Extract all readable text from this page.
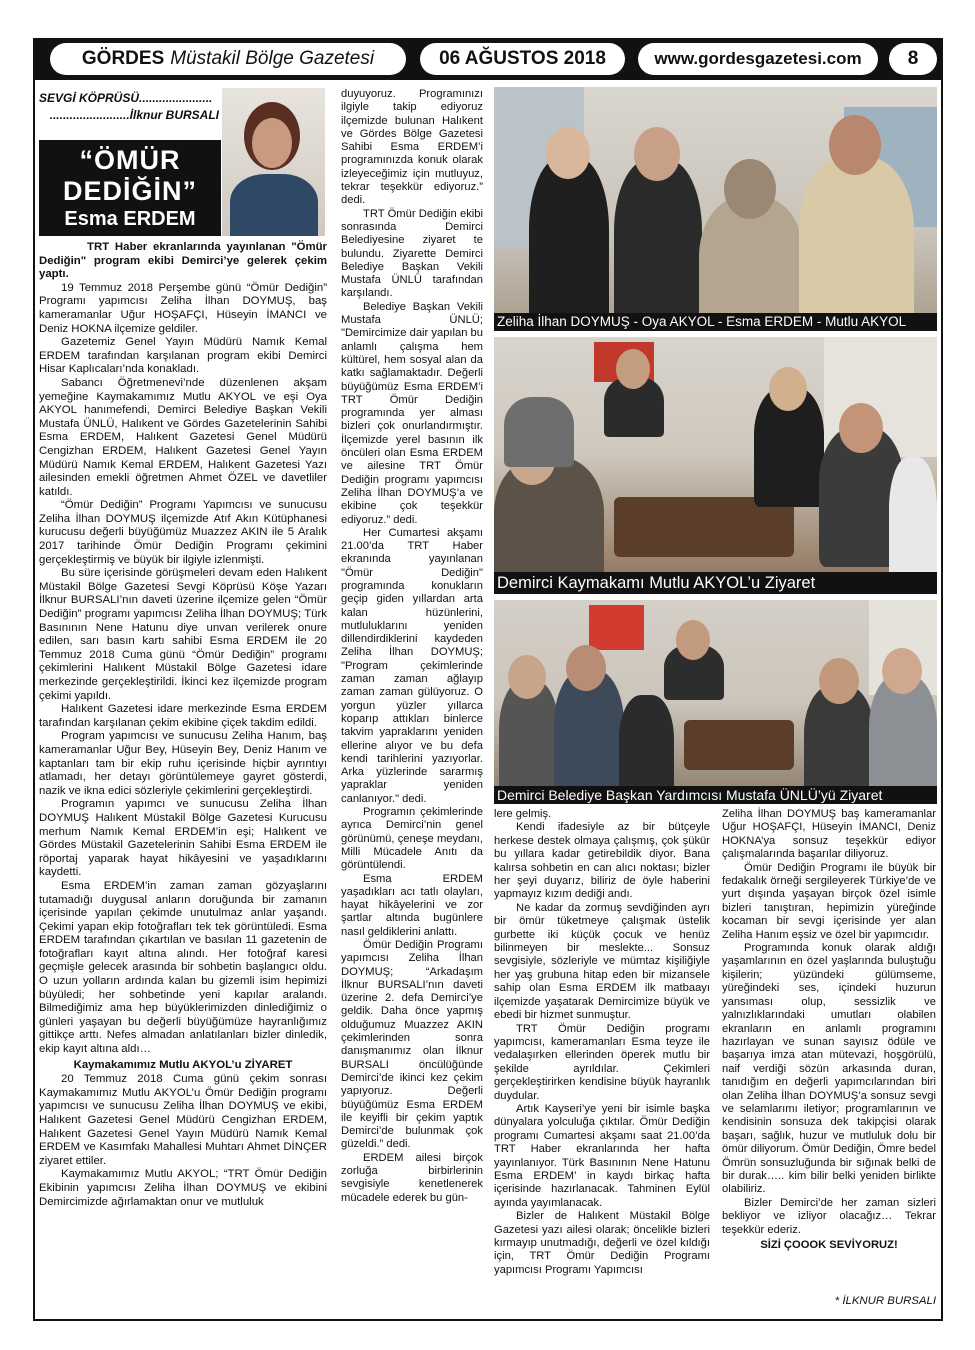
GÖRDES Müstakil Bölge Gazetesi	06 AĞUSTOS 2018	www.gordesgazetesi.com 8
SEVGİ KÖPRÜSÜ......................
........................İlknur BURSALI
“ÖMÜR
DEDİĞİN”
Esma ERDEM

TRT Haber ekranlarında yayınlanan "Ömür Dediğin" program ekibi Demirci’ye gelerek çekim yaptı.

19 Temmuz 2018 Perşembe günü “Ömür Dediğin” Programı yapımcısı Zeliha İlhan DOYMUŞ, baş kameramanlar Uğur HOŞAFÇI, Hüseyin İMANCI ve Deniz HOKNA ilçemize geldiler.

Gazetemiz Genel Yayın Müdürü Namık Kemal ERDEM tarafından karşılanan program ekibi Demirci Hisar Kaplıcaları’nda konakladı.

Sabancı Öğretmenevi’nde düzenlenen akşam yemeğine Kaymakamımız Mutlu AKYOL ve eşi Oya AKYOL hanımefendi, Demirci Belediye Başkan Vekili Mustafa ÜNLÜ, Halıkent ve Gördes Gazetelerinin Sahibi Esma ERDEM, Halıkent Gazetesi Genel Müdürü Cengizhan ERDEM, Halıkent Gazetesi Genel Yayın Müdürü Namık Kemal ERDEM, Halıkent Gazetesi Yazı ailesinden emekli öğretmen Ahmet ÖZEL ve davetliler katıldı.

“Ömür Dediğin” Programı Yapımcısı ve sunucusu Zeliha İlhan DOYMUŞ ilçemizde Atıf Akın Kütüphanesi kurucusu değerli büyüğümüz Muazzez AKIN ile 5 Aralık 2017 tarihinde Ömür Dediğin Programı çekimini gerçekleştirmiş ve büyük bir ilgiyle izlenmişti.

Bu süre içerisinde görüşmeleri devam eden Halıkent Müstakil Bölge Gazetesi Sevgi Köprüsü Köşe Yazarı İlknur BURSALI’nın daveti üzerine ilçemize gelen “Ömür Dediğin” programı yapımcısı Zeliha İlhan DOYMUŞ; Türk Basınının Nene Hatunu diye unvan verilerek onure edilen, sarı basın kartı sahibi Esma ERDEM ile 20 Temmuz 2018 Cuma günü “Ömür Dediğin” programı çekimlerini Halıkent Müstakil Bölge Gazetesi idare merkezinde gerçekleştirildi. İkinci kez ilçemizde program çekimi yapıldı.

Halıkent Gazetesi idare merkezinde Esma ERDEM tarafından karşılanan çekim ekibine çiçek takdim edildi.

Program yapımcısı ve sunucusu Zeliha Hanım, baş kameramanlar Uğur Bey, Hüseyin Bey, Deniz Hanım ve kaptanları tam bir ekip ruhu içerisinde hiçbir ayrıntıyı atlamadı, her detayı görüntülemeye gayret gösterdi, nazik ve ikna edici sözleriyle çekimlerini gerçekleştirdi.

Programın yapımcı ve sunucusu Zeliha İlhan DOYMUŞ Halıkent Müstakil Bölge Gazetesi Kurucusu merhum Namık Kemal ERDEM’in eşi; Halıkent ve Gördes Müstakil Gazetelerinin Sahibi Esma ERDEM ile röportaj yaparak hayat hikâyesini ve yaşadıklarını kaydetti.

Esma ERDEM’in zaman zaman gözyaşlarını tutamadığı duygusal anların doruğunda bir zamanın içerisinde yapılan çekimde unutulmaz anlar yaşandı. Çekimi yapan ekip fotoğrafları tek tek görüntüledi. Esma ERDEM tarafından çıkartılan ve basılan 11 gazetenin de fotoğrafları kayıt altına alındı. Her fotoğraf karesi geçmişle gelecek arasında bir sohbetin başlangıcı oldu. O uzun yolların ardında kalan bu gizemli isim hepimizi büyüledi; her sohbetinde yeni kapılar aralandı. Bilmediğimiz ama hep büyüklerimizden dinlediğimiz o günleri yaşayan bu değerli büyüğümüze hayranlığımız gittikçe arttı. Nefes almadan anlatılanları bizler dinledik, ekip kayıt altına aldı…

Kaymakamımız Mutlu AKYOL’u ZİYARET

20 Temmuz 2018 Cuma günü çekim sonrası Kaymakamımız Mutlu AKYOL’u Ömür Dediğin programı yapımcısı ve sunucusu Zeliha İlhan DOYMUŞ ve ekibi, Halıkent Gazetesi Genel Müdürü Cengizhan ERDEM, Halıkent Gazetesi Genel Yayın Müdürü Namık Kemal ERDEM ve Kasımfakı Mahallesi Muhtarı Ahmet DİNÇER ziyaret ettiler.

Kaymakamımız Mutlu AKYOL; “TRT Ömür Dediğin Ekibinin yapımcısı Zeliha İlhan DOYMUŞ ve ekibini Demircimizde ağırlamaktan onur ve mutluluk

duyuyoruz. Programınızı ilgiyle takip ediyoruz ilçemizde bulunan Halıkent ve Gördes Bölge Gazetesi Sahibi Esma ERDEM’i programınızda konuk olarak izleyeceğimiz için mutluyuz, tekrar teşekkür ediyoruz.” dedi.

TRT Ömür Dediğin ekibi sonrasında Demirci Belediyesine ziyaret te bulundu. Ziyarette Demirci Belediye Başkan Vekili Mustafa ÜNLÜ tarafından karşılandı.

Belediye Başkan Vekili Mustafa ÜNLÜ; "Demircimize dair yapılan bu anlamlı çalışma hem kültürel, hem sosyal alan da katkı sağlamaktadır. Değerli büyüğümüz Esma ERDEM’i TRT Ömür Dediğin programında yer alması bizleri çok onurlandırmıştır. İlçemizde yerel basının ilk öncüleri olan Esma ERDEM ve ailesine TRT Ömür Dediğin programı yapımcısı Zeliha İlhan DOYMUŞ’a ve ekibine çok teşekkür ediyoruz.” dedi.

Her Cumartesi akşamı 21.00’da TRT Haber ekranında yayınlanan "Ömür Dediğin" programında konukların geçip giden yıllardan arta kalan hüzünlerini, mutluluklarını yeniden dillendirdiklerini kaydeden Zeliha İlhan DOYMUŞ; "Program çekimlerinde zaman zaman ağlayıp zaman zaman gülüyoruz. O yorgun yüzler yıllarca koparıp attıkları binlerce takvim yapraklarını yeniden ellerine alıyor ve bu defa kendi tarihlerini yazıyorlar. Arka yüzlerinde sararmış yapraklar yeniden canlanıyor." dedi.

Programın çekimlerinde ayrıca Demirci’nin genel görünümü, çeneşe meydanı, Milli Mücadele Anıtı da görüntülendi.

Esma ERDEM yaşadıkları acı tatlı olayları, hayat hikâyelerini ve zor şartlar altında bugünlere nasıl geldiklerini anlattı.

Ömür Dediğin Programı yapımcısı Zeliha İlhan DOYMUŞ; “Arkadaşım İlknur BURSALI’nın daveti üzerine 2. defa Demirci’ye geldik. Daha önce yapmış olduğumuz Muazzez AKIN çekimlerinden sonra danışmanımız olan İlknur BURSALI öncülüğünde Demirci’de ikinci kez çekim yapıyoruz. Değerli büyüğümüz Esma ERDEM ile keyifli bir çekim yaptık Demirci’de bulunmak çok güzeldi.” dedi.

ERDEM ailesi birçok zorluğa birbirlerinin sevgisiyle kenetlenerek mücadele ederek bu gün-

Zeliha İlhan DOYMUŞ - Oya AKYOL - Esma ERDEM - Mutlu AKYOL
Demirci Kaymakamı Mutlu AKYOL’u Ziyaret
Demirci Belediye Başkan Yardımcısı Mustafa ÜNLÜ’yü Ziyaret

lere gelmiş.

Kendi ifadesiyle az bir bütçeyle herkese destek olmaya çalışmış, çok şükür bu yıllara kadar getirebildik diyor. Bana kalırsa sohbetin en can alıcı noktası; bizler her şeyi duyarız, biliriz de öyle haberini yapmayız kızım dediği andı.

Ne kadar da zormuş sevdiğinden ayrı bir ömür tüketmeye çalışmak üstelik gurbette iki küçük çocuk ve henüz bilinmeyen bir meslekte... Sonsuz sevgisiyle, sözleriyle ve mümtaz kişiliğiyle her yaş grubuna hitap eden bir mizansele sahip olan Esma ERDEM ilk matbaayı ilçemizde yaşatarak Demircimize büyük ve ebedi bir hizmet sunmuştur.

TRT Ömür Dediğin programı yapımcısı, kameramanları Esma teyze ile vedalaşırken ellerinden öperek mutlu bir şekilde ayrıldılar. Çekimleri gerçekleştirirken kendisine büyük hayranlık duydular.

Artık Kayseri’ye yeni bir isimle başka dünyalara yolculuğa çıktılar. Ömür Dediğin programı Cumartesi akşamı saat 21.00’da TRT Haber ekranlarında her hafta yayınlanıyor. Türk Basınının Nene Hatunu Esma ERDEM’ in kaydı birkaç hafta içerisinde hazırlanacak. Tahminen Eylül ayında yayımlanacak.

Bizler de Halıkent Müstakil Bölge Gazetesi yazı ailesi olarak; öncelikle bizleri kırmayıp unutmadığı, değerli ve özel kıldığı için, TRT Ömür Dediğin Programı yapımcısı Programı Yapımcısı

Zeliha İlhan DOYMUŞ baş kameramanlar Uğur HOŞAFÇI, Hüseyin İMANCI, Deniz HOKNA’ya sonsuz teşekkür ediyor çalışmalarında başarılar diliyoruz.

Ömür Dediğin Programı ile büyük bir fedakalık örneği sergileyerek Türkiye’de ve yurt dışında yaşayan birçok özel isimle bizleri tanıştıran, hepimizin yüreğinde kocaman bir sevgi içerisinde yer alan Zeliha Hanım eşsiz ve özel bir yapımcıdır.

Programında konuk olarak aldığı yaşamlarının en özel yaşlarında buluştuğu kişilerin; yüzündeki gülümseme, yüreğindeki ses, içindeki huzurun yansıması olup, sessizlik ve yalnızlıklarındaki umutları olabilen ekranların en anlamlı programını hazırlayan ve sunan sayısız ödüle ve başarıya imza atan mütevazi, hoşgörülü, naif verdiği sözün arkasında duran, tanıdığım en değerli yapımcılarından biri olan Zeliha İlhan DOYMUŞ’a sonsuz sevgi ve selamlarımı iletiyor; programlarının ve kendisinin sonsuza dek takipçisi olarak başarı, sağlık, huzur ve mutluluk dolu bir ömür diliyorum. Ömür Dediğin, Ömre bedel Ömrün sonsuzluğunda bir sığınak belki de bir durak….. kim bilir belki yeniden birlikte olabiliriz.

Bizler Demirci’de her zaman sizleri bekliyor ve izliyor olacağız… Tekrar teşekkür ederiz.

SİZİ ÇOOOK SEVİYORUZ!

* İLKNUR BURSALI
